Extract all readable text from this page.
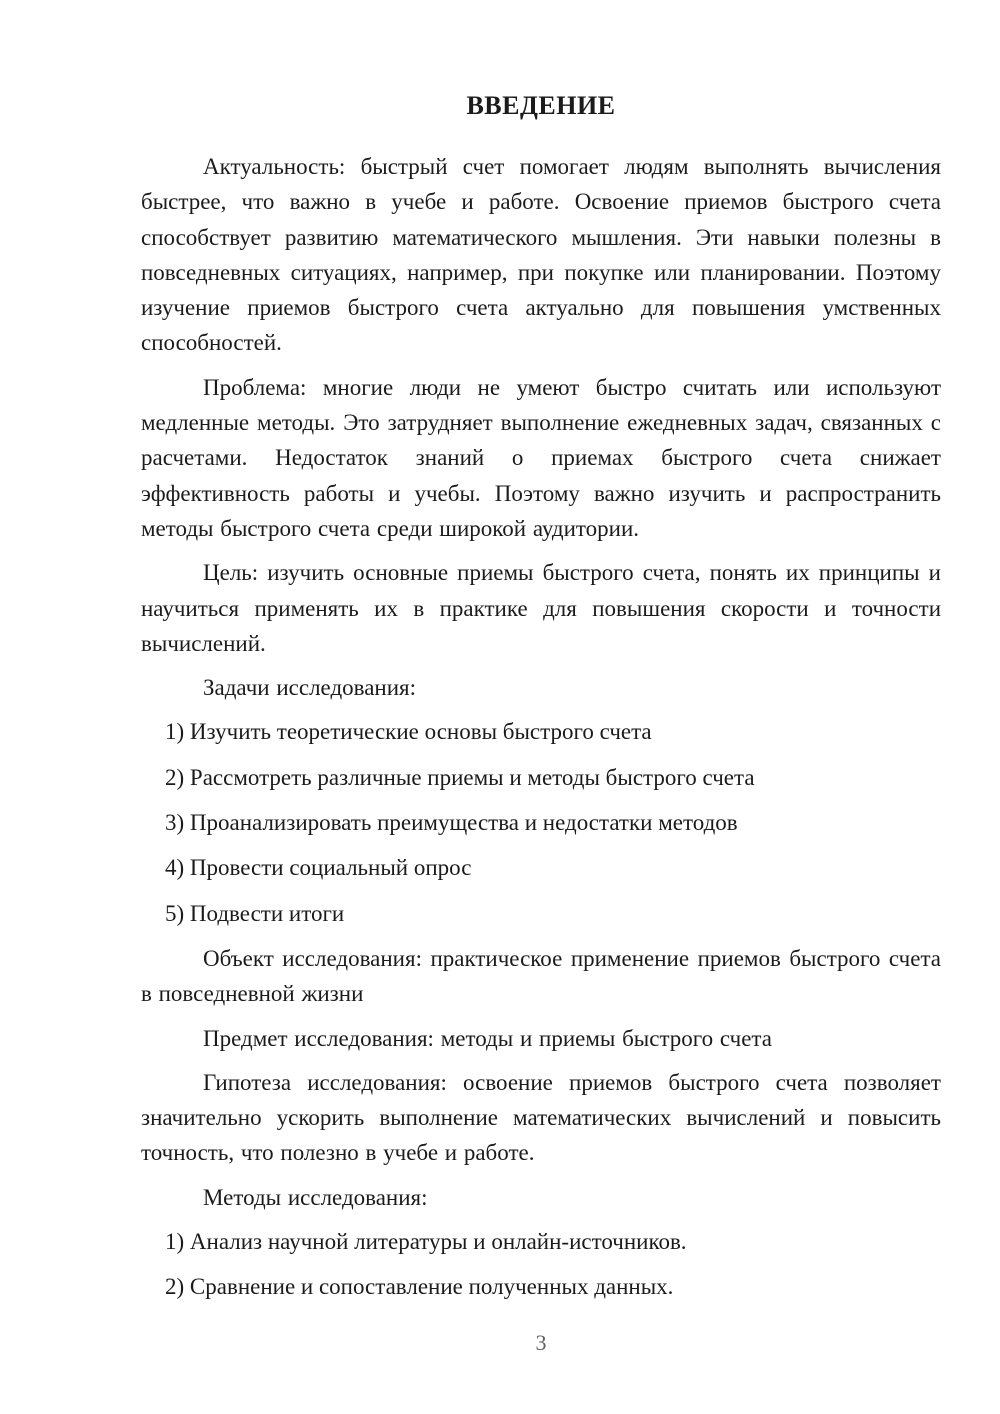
ВВЕДЕНИЕ

Актуальность: быстрый счет помогает людям выполнять вычисления быстрее, что важно в учебе и работе. Освоение приемов быстрого счета способствует развитию математического мышления. Эти навыки полезны в повседневных ситуациях, например, при покупке или планировании. Поэтому изучение приемов быстрого счета актуально для повышения умственных способностей.

Проблема: многие люди не умеют быстро считать или используют медленные методы. Это затрудняет выполнение ежедневных задач, связанных с расчетами. Недостаток знаний о приемах быстрого счета снижает эффективность работы и учебы. Поэтому важно изучить и распространить методы быстрого счета среди широкой аудитории.

Цель: изучить основные приемы быстрого счета, понять их принципы и научиться применять их в практике для повышения скорости и точности вычислений.

Задачи исследования:

1) Изучить теоретические основы быстрого счета

2) Рассмотреть различные приемы и методы быстрого счета

3) Проанализировать преимущества и недостатки методов

4) Провести социальный опрос

5) Подвести итоги

Объект исследования: практическое применение приемов быстрого счета в повседневной жизни

Предмет исследования: методы и приемы быстрого счета

Гипотеза исследования: освоение приемов быстрого счета позволяет значительно ускорить выполнение математических вычислений и повысить точность, что полезно в учебе и работе.

Методы исследования:

1) Анализ научной литературы и онлайн-источников.

2) Сравнение и сопоставление полученных данных.

3
